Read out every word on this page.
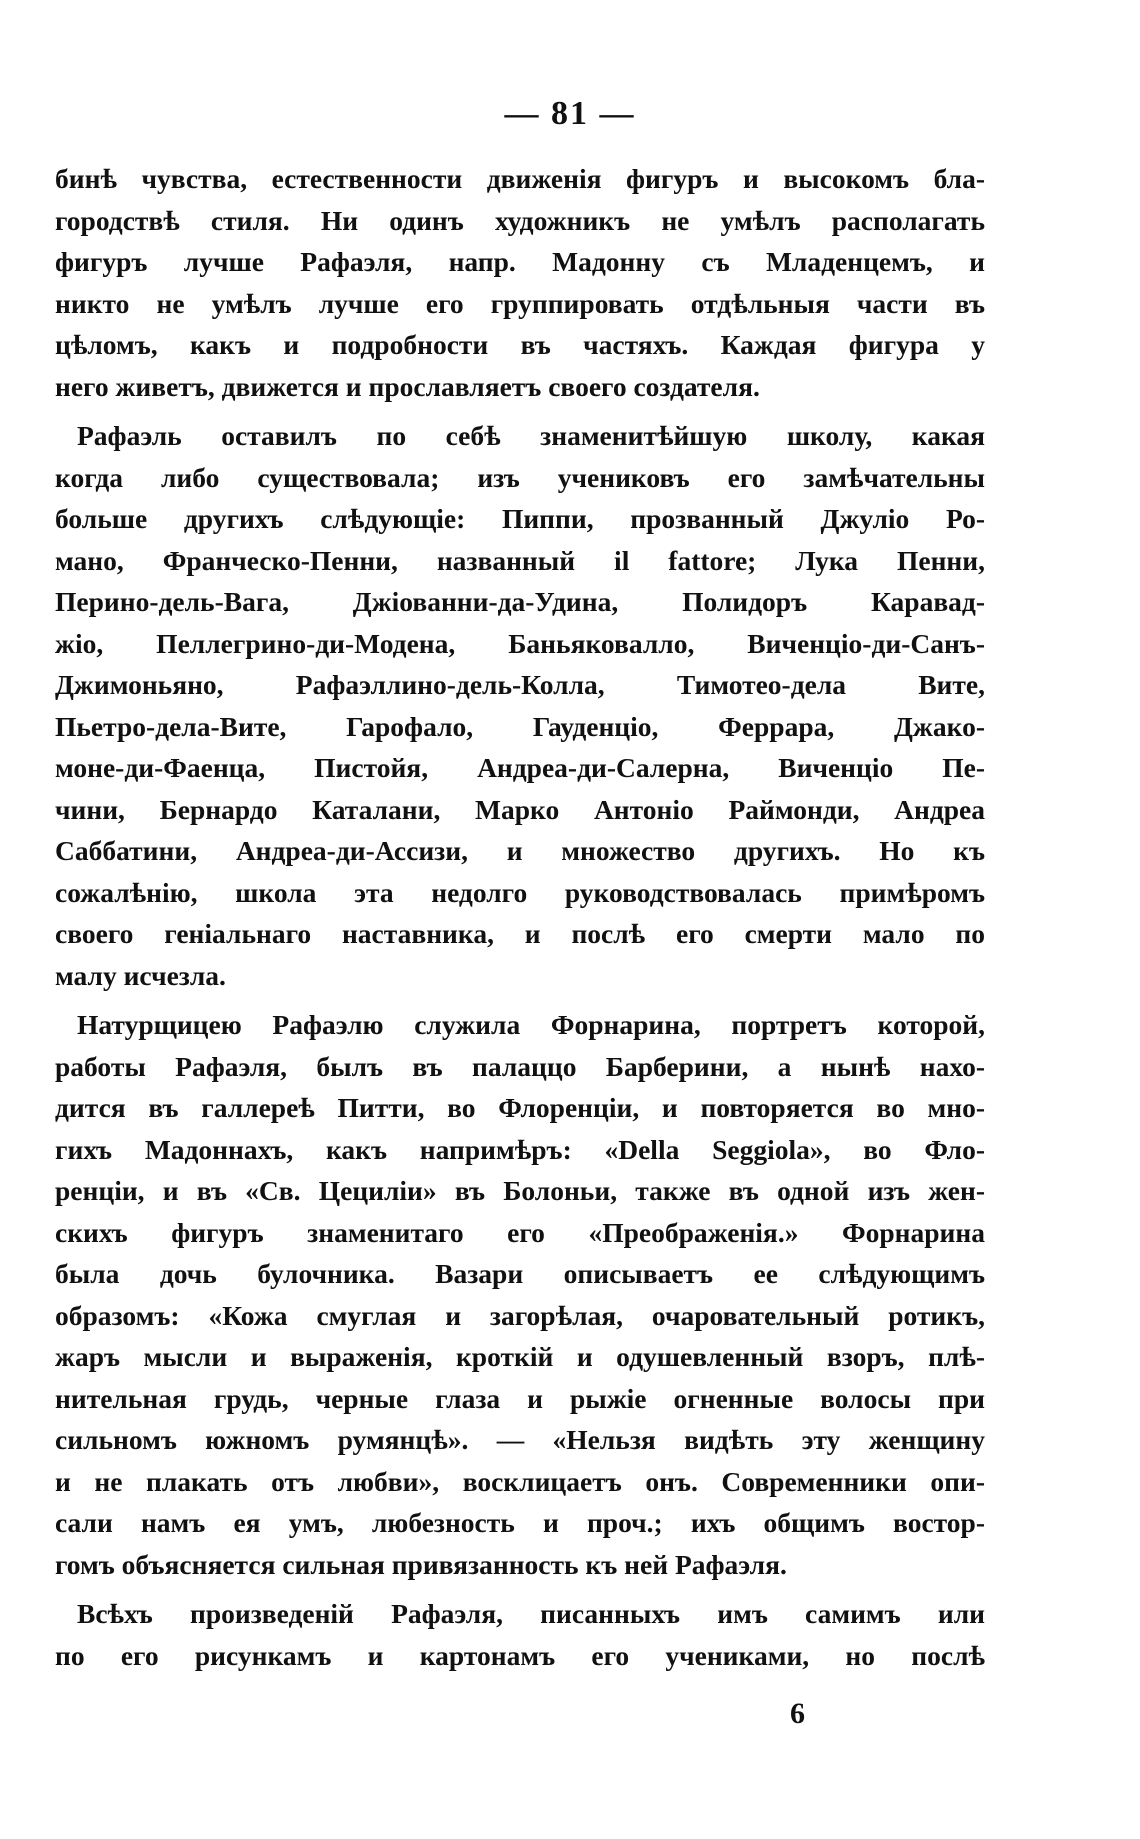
— 81 —
бинѣ чувства, естественности движенія фигуръ и высокомъ бла-
городствѣ стиля. Ни одинъ художникъ не умѣлъ располагать
фигуръ лучше Рафаэля, напр. Мадонну съ Младенцемъ, и
никто не умѣлъ лучше его группировать отдѣльныя части въ
цѣломъ, какъ и подробности въ частяхъ. Каждая фигура у
него живетъ, движется и прославляетъ своего создателя.
Рафаэль оставилъ по себѣ знаменитѣйшую школу, какая
когда либо существовала; изъ учениковъ его замѣчательны
больше другихъ слѣдующіе: Пиппи, прозванный Джуліо Ро-
мано, Франческо-Пенни, названный il fattore; Лука Пенни,
Перино-дель-Вага, Джіованни-да-Удина, Полидоръ Каравад-
жіо, Пеллегрино-ди-Модена, Баньяковалло, Виченціо-ди-Санъ-
Джимоньяно, Рафаэллино-дель-Колла, Тимотео-дела Вите,
Пьетро-дела-Вите, Гарофало, Гауденціо, Феррара, Джако-
моне-ди-Фаенца, Пистойя, Андреа-ди-Салерна, Виченціо Пе-
чини, Бернардо Каталани, Марко Антоніо Раймонди, Андреа
Саббатини, Андреа-ди-Ассизи, и множество другихъ. Но къ
сожалѣнію, школа эта недолго руководствовалась примѣромъ
своего геніальнаго наставника, и послѣ его смерти мало по
малу исчезла.
Натурщицею Рафаэлю служила Форнарина, портретъ которой,
работы Рафаэля, былъ въ палаццо Барберини, а нынѣ нахо-
дится въ галлереѣ Питти, во Флоренціи, и повторяется во мно-
гихъ Мадоннахъ, какъ напримѣръ: «Della Seggiola», во Фло-
ренціи, и въ «Св. Цециліи» въ Болоньи, также въ одной изъ жен-
скихъ фигуръ знаменитаго его «Преображенія.» Форнарина
была дочь булочника. Вазари описываетъ ее слѣдующимъ
образомъ: «Кожа смуглая и загорѣлая, очаровательный ротикъ,
жаръ мысли и выраженія, кроткій и одушевленный взоръ, плѣ-
нительная грудь, черные глаза и рыжіе огненные волосы при
сильномъ южномъ румянцѣ». — «Нельзя видѣть эту женщину
и не плакать отъ любви», восклицаетъ онъ. Современники опи-
сали намъ ея умъ, любезность и проч.; ихъ общимъ востор-
гомъ объясняется сильная привязанность къ ней Рафаэля.
Всѣхъ произведеній Рафаэля, писанныхъ имъ самимъ или
по его рисункамъ и картонамъ его учениками, но послѣ
6
